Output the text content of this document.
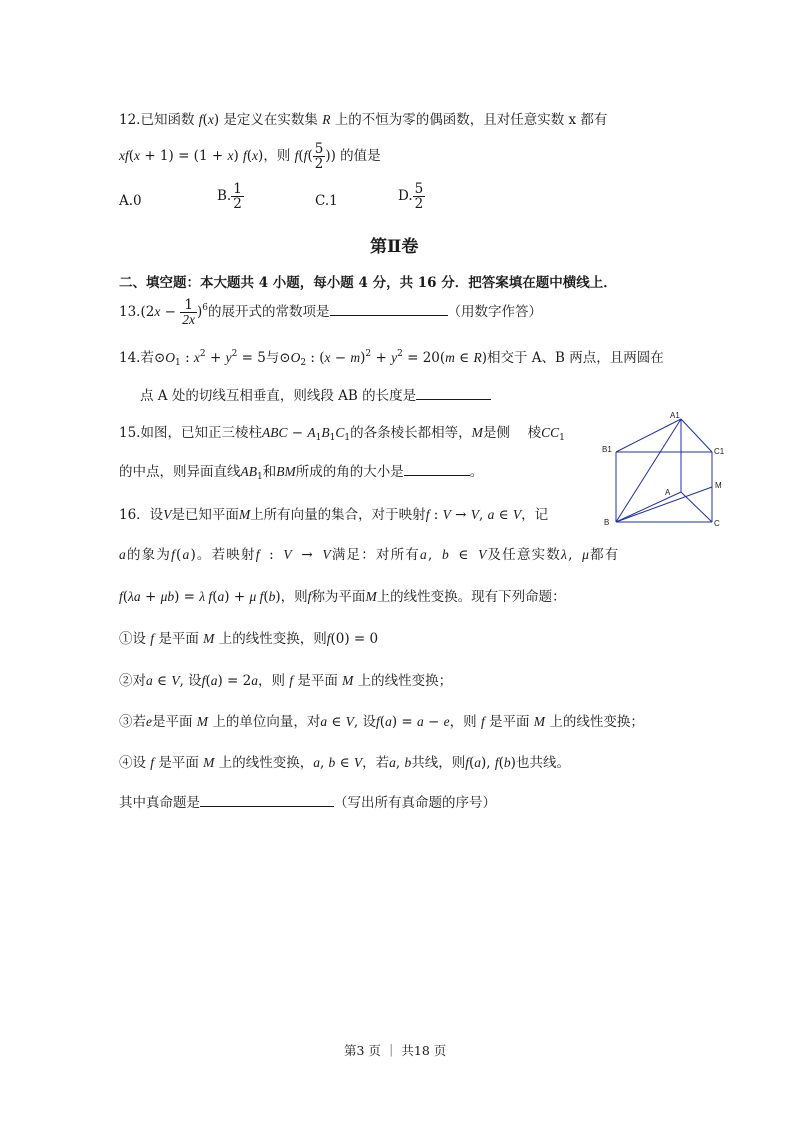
12.已知函数 f(x) 是定义在实数集 R 上的不恒为零的偶函数，且对任意实数 x 都有
xf(x + 1) = (1 + x) f(x)，则 $f(f( \frac{5}{2}$ )) 的值是
A.0	B. $\frac{1}{2}$	C.1	D. $\frac{5}{2}$
第Ⅱ卷
二、填空题：本大题共 4 小题，每小题 4 分，共 16 分．把答案填在题中横线上．
$13.(2x - \frac{1}{2x} )^6$的展开式的常数项是	（用数字作答）
14.若$⊙O_1$ : $x^2 + y^2 = 5$与$⊙O_2$ : $(x - m)^2 + y^2 = 20(m$ ∈ R)相交于 A、B 两点，且两圆在
点 A 处的切线互相垂直，则线段 AB 的长度是
15.如图，已知正三棱柱ABC − $A_1B_1C_1$的各条棱长都相等，M是侧　 棱$CC_1$
的中点，则异面直线$AB_1$和BM所成的角的大小是	。
A1
B1	C1
A
M
B	C
16．设V是已知平面M上所有向量的集合，对于映射f : V → V, a ∈ V，记
a的象为f(a)。若映射f : V → V满足：对所有a, b ∈ V及任意实数λ, μ都有
f(λa + μb) = λ f(a) + μ f(b)，则f称为平面M上的线性变换。现有下列命题：
①设 f 是平面 M 上的线性变换，则f(0) = 0
②对a ∈ V, 设f(a) = 2a，则 f 是平面 M 上的线性变换；
③若e是平面 M 上的单位向量，对a ∈ V, 设f(a) = a − e，则 f 是平面 M 上的线性变换；
④设 f 是平面 M 上的线性变换，a, b ∈ V，若a, b共线，则f(a), f(b)也共线。
其中真命题是	（写出所有真命题的序号）
第3 页 ｜ 共18 页
